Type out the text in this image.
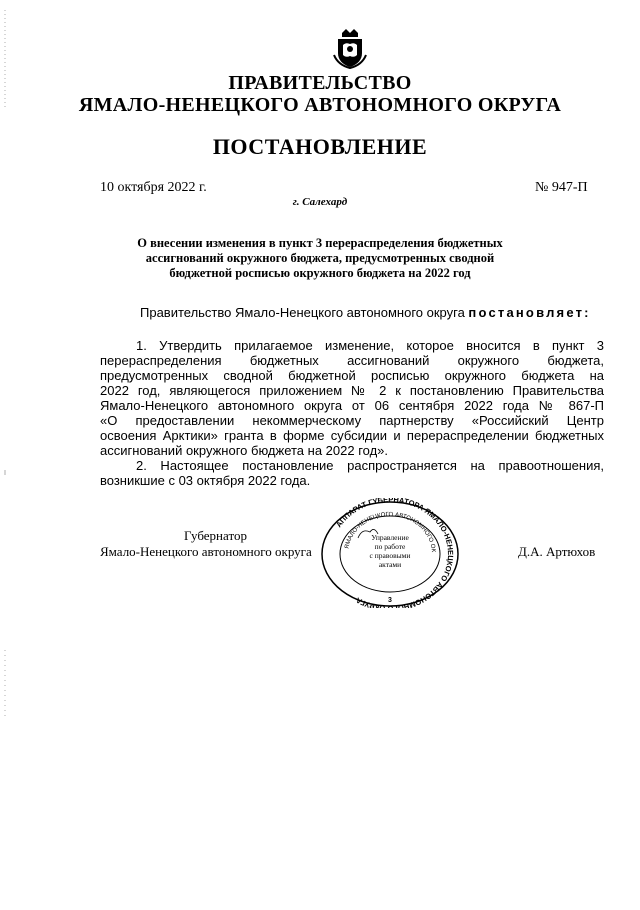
ПРАВИТЕЛЬСТВО
ЯМАЛО-НЕНЕЦКОГО АВТОНОМНОГО ОКРУГА
ПОСТАНОВЛЕНИЕ
10 октября 2022 г.	№ 947-П
г. Салехард
О внесении изменения в пункт 3 перераспределения бюджетных
ассигнований окружного бюджета, предусмотренных сводной
бюджетной росписью окружного бюджета на 2022 год
Правительство Ямало-Ненецкого автономного округа постановляет:
1. Утвердить прилагаемое изменение, которое вносится в пункт 3
перераспределения бюджетных ассигнований окружного бюджета,
предусмотренных сводной бюджетной росписью окружного бюджета на
2022 год, являющегося приложением № 2 к постановлению Правительства
Ямало-Ненецкого автономного округа от 06 сентября 2022 года № 867-П
«О предоставлении некоммерческому партнерству «Российский Центр
освоения Арктики» гранта в форме субсидии и перераспределении бюджетных
ассигнований окружного бюджета на 2022 год».
2. Настоящее постановление распространяется на правоотношения,
возникшие с 03 октября 2022 года.
Губернатор
Ямало-Ненецкого автономного округа	Д.А. Артюхов
АППАРАТ ГУБЕРНАТОРА ЯМАЛО-НЕНЕЦКОГО АВТОНОМНО КРУГА
ЯМАЛО-НЕНЕЦКОГО АВТОНОМНОГО ОК
Управление
по работе
с правовыми
актами
3
